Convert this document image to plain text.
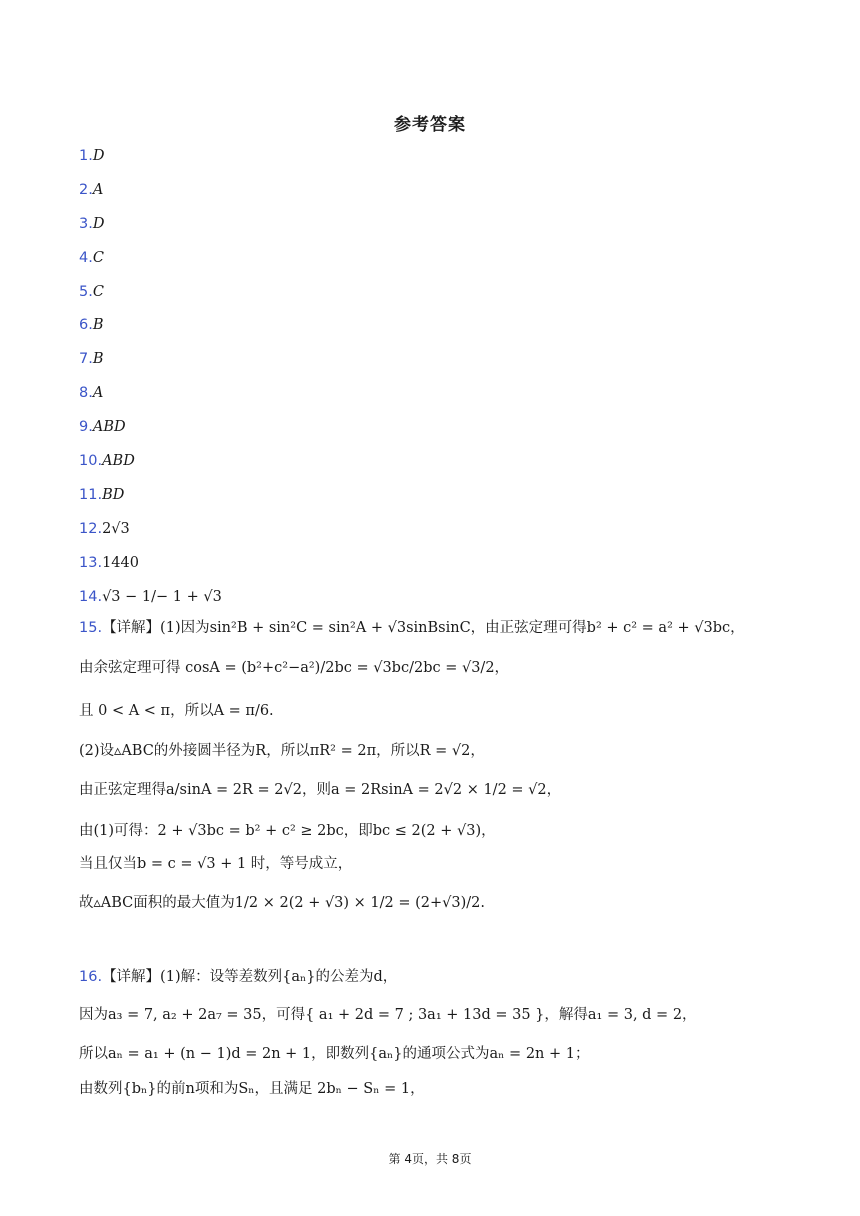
参考答案
1.D
2.A
3.D
4.C
5.C
6.B
7.B
8.A
9.ABD
10.ABD
11.BD
12.2√3
13.1440
14.√3 − 1/− 1 + √3
15.【详解】(1)因为sin²B + sin²C = sin²A + √3sinBsinC，由正弦定理可得b² + c² = a² + √3bc，
由余弦定理可得 cosA = (b²+c²−a²)/2bc = √3bc/2bc = √3/2，
且 0 < A < π，所以A = π/6.
(2)设▵ABC的外接圆半径为R，所以πR² = 2π，所以R = √2，
由正弦定理得a/sinA = 2R = 2√2，则a = 2RsinA = 2√2 × 1/2 = √2，
由(1)可得：2 + √3bc = b² + c² ≥ 2bc，即bc ≤ 2(2 + √3)，
当且仅当b = c = √3 + 1 时，等号成立，
故▵ABC面积的最大值为1/2 × 2(2 + √3) × 1/2 = (2+√3)/2.
16.【详解】(1)解：设等差数列{aₙ}的公差为d，
因为a₃ = 7, a₂ + 2a₇ = 35，可得{ a₁ + 2d = 7 ; 3a₁ + 13d = 35 }，解得a₁ = 3, d = 2，
所以aₙ = a₁ + (n − 1)d = 2n + 1，即数列{aₙ}的通项公式为aₙ = 2n + 1；
由数列{bₙ}的前n项和为Sₙ，且满足 2bₙ − Sₙ = 1，
第 4页，共 8页
